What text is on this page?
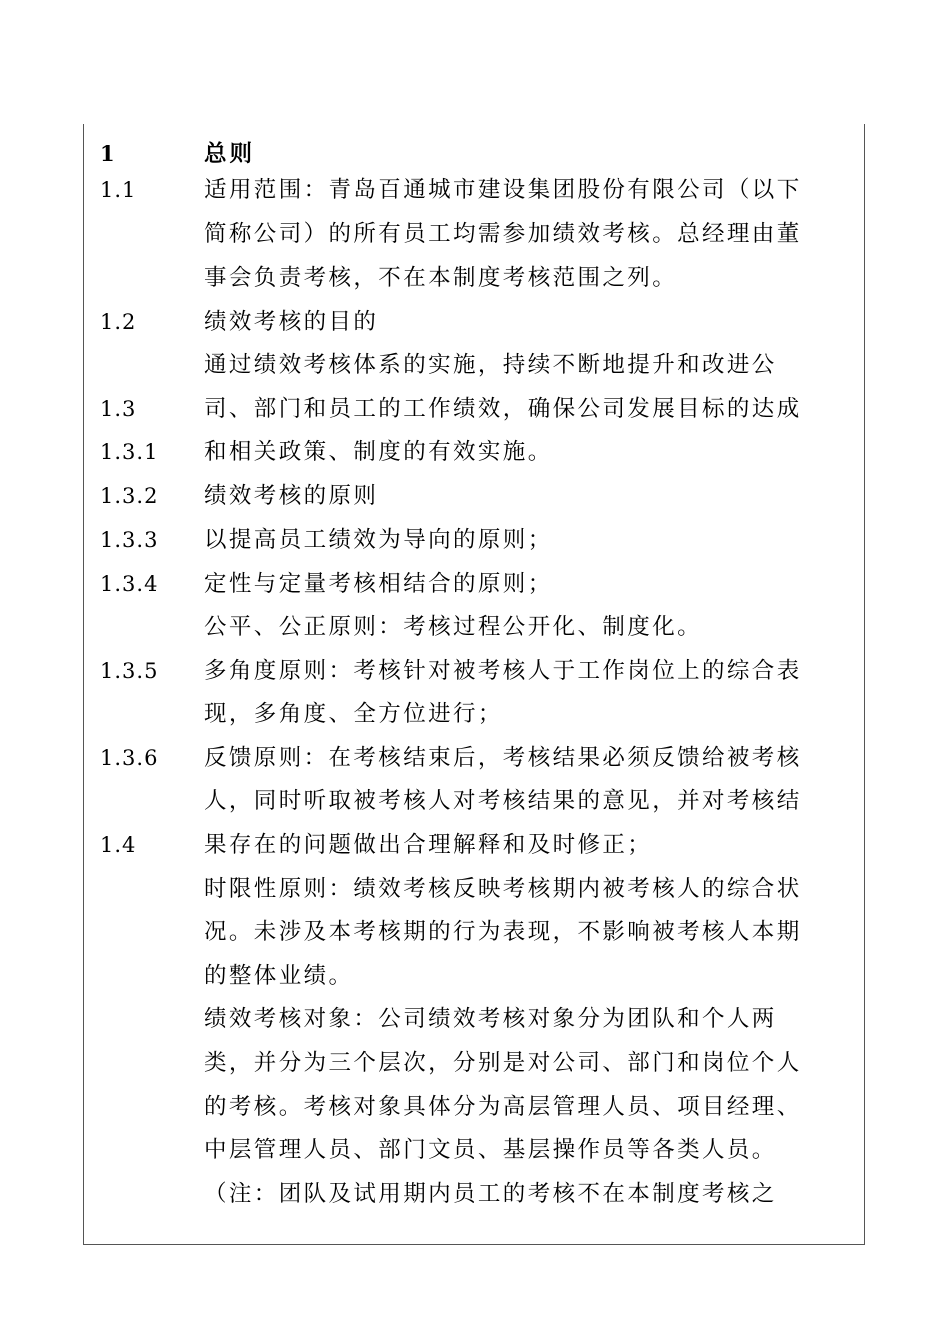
1
1.1
1.2
1.3
1.3.1
1.3.2
1.3.3
1.3.4
1.3.5
1.3.6
1.4
总则
适用范围：青岛百通城市建设集团股份有限公司（以下
简称公司）的所有员工均需参加绩效考核。总经理由董
事会负责考核，不在本制度考核范围之列。
绩效考核的目的
通过绩效考核体系的实施，持续不断地提升和改进公
司、部门和员工的工作绩效，确保公司发展目标的达成
和相关政策、制度的有效实施。
绩效考核的原则
以提高员工绩效为导向的原则；
定性与定量考核相结合的原则；
公平、公正原则：考核过程公开化、制度化。
多角度原则：考核针对被考核人于工作岗位上的综合表
现，多角度、全方位进行；
反馈原则：在考核结束后，考核结果必须反馈给被考核
人，同时听取被考核人对考核结果的意见，并对考核结
果存在的问题做出合理解释和及时修正；
时限性原则：绩效考核反映考核期内被考核人的综合状
况。未涉及本考核期的行为表现，不影响被考核人本期
的整体业绩。
绩效考核对象：公司绩效考核对象分为团队和个人两
类，并分为三个层次，分别是对公司、部门和岗位个人
的考核。考核对象具体分为高层管理人员、项目经理、
中层管理人员、部门文员、基层操作员等各类人员。
（注：团队及试用期内员工的考核不在本制度考核之
